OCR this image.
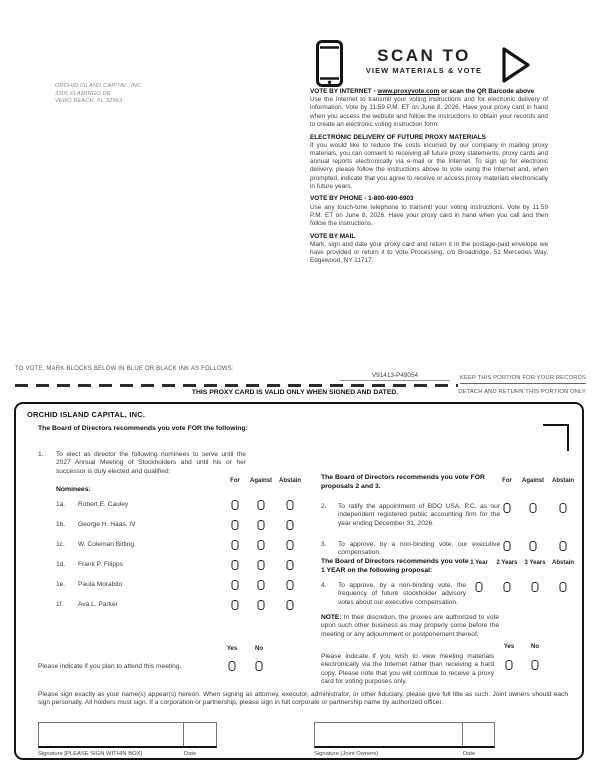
ORCHID ISLAND CAPITAL, INC.
3305 FLAMINGO DR
VERO BEACH, FL 32963
SCAN TO
VIEW MATERIALS & VOTE
VOTE BY INTERNET - www.proxyvote.com or scan the QR Barcode above

Use the Internet to transmit your voting instructions and for electronic delivery of information. Vote by 11:59 P.M. ET on June 8, 2026. Have your proxy card in hand when you access the website and follow the instructions to obtain your records and to create an electronic voting instruction form.

ELECTRONIC DELIVERY OF FUTURE PROXY MATERIALS

If you would like to reduce the costs incurred by our company in mailing proxy materials, you can consent to receiving all future proxy statements, proxy cards and annual reports electronically via e-mail or the Internet. To sign up for electronic delivery, please follow the instructions above to vote using the Internet and, when prompted, indicate that you agree to receive or access proxy materials electronically in future years.

VOTE BY PHONE - 1-800-690-6903

Use any touch-tone telephone to transmit your voting instructions. Vote by 11:59 P.M. ET on June 8, 2026. Have your proxy card in hand when you call and then follow the instructions.

VOTE BY MAIL

Mark, sign and date your proxy card and return it in the postage-paid envelope we have provided or return it to Vote Processing, c/o Broadridge, 51 Mercedes Way, Edgewood, NY 11717.

TO VOTE, MARK BLOCKS BELOW IN BLUE OR BLACK INK AS FOLLOWS:
V91413-P49054	KEEP THIS PORTION FOR YOUR RECORDS
THIS PROXY CARD IS VALID ONLY WHEN SIGNED AND DATED.	DETACH AND RETURN THIS PORTION ONLY
ORCHID ISLAND CAPITAL, INC.
The Board of Directors recommends you vote FOR the following:
1. To elect as director the following nominees to serve until the 2027 Annual Meeting of Stockholders and until his or her successor is duly elected and qualified:
Nominees:
For Against Abstain
1a. Robert E. Cauley
1b. George H. Haas, IV
1c. W. Coleman Bitting
1d. Frank P. Filipps
1e. Paula Morabito
1f. Ava L. Parker
Yes	No
Please indicate if you plan to attend this meeting.
The Board of Directors recommends you vote FOR proposals 2 and 3.
For Against Abstain
2. To ratify the appointment of BDO USA, P.C. as our independent registered public accounting firm for the year ending December 31, 2026.
3. To approve, by a non-binding vote, our executive compensation.
The Board of Directors recommends you vote 1 YEAR on the following proposal:
1 Year 2 Years 3 Years Abstain
4. To approve, by a non-binding vote, the frequency of future stockholder advisory votes about our executive compensation.
NOTE: In their discretion, the proxies are authorized to vote upon such other business as may properly come before the meeting or any adjournment or postponement thereof.
Yes	No
Please indicate if you wish to view meeting materials electronically via the Internet rather than receiving a hard copy. Please note that you will continue to receive a proxy card for voting purposes only.
Please sign exactly as your name(s) appear(s) hereon. When signing as attorney, executor, administrator, or other fiduciary, please give full title as such. Joint owners should each sign personally. All holders must sign. If a corporation or partnership, please sign in full corporate or partnership name by authorized officer.
Signature [PLEASE SIGN WITHIN BOX]	Date	Signature (Joint Owners)	Date
